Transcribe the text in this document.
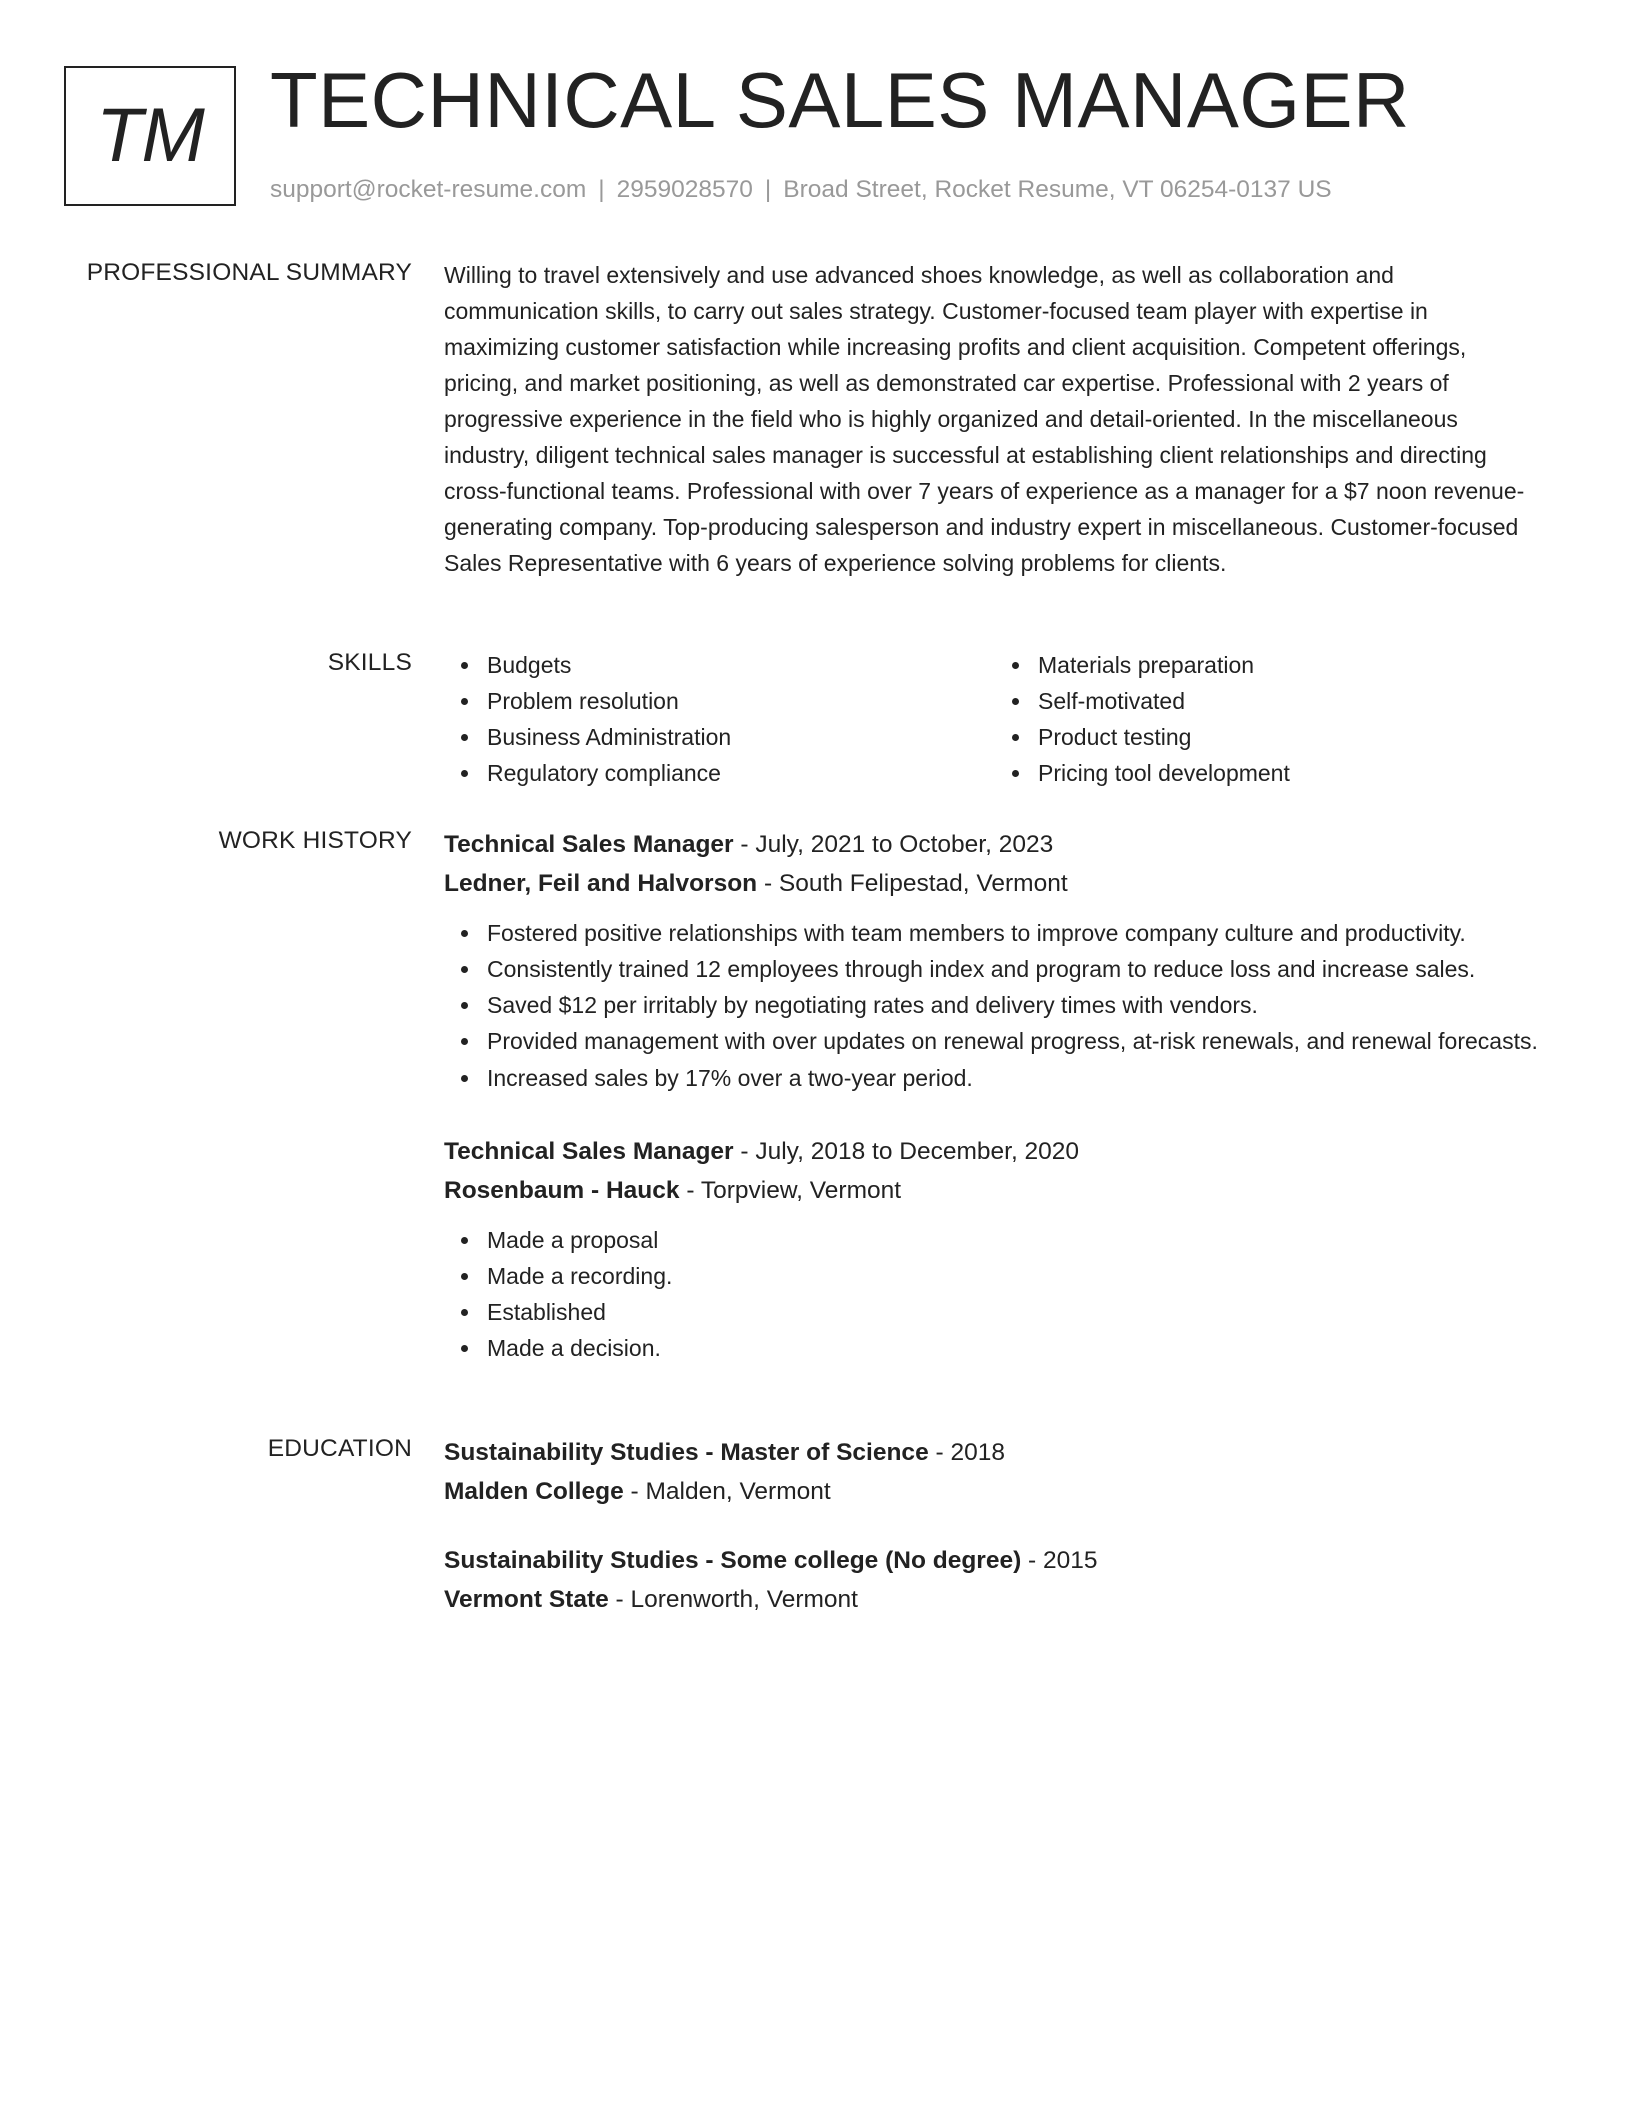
TM TECHNICAL SALES MANAGER
support@rocket-resume.com | 2959028570 | Broad Street, Rocket Resume, VT 06254-0137 US
PROFESSIONAL SUMMARY Willing to travel extensively and use advanced shoes knowledge, as well as collaboration and communication skills, to carry out sales strategy. Customer-focused team player with expertise in maximizing customer satisfaction while increasing profits and client acquisition. Competent offerings, pricing, and market positioning, as well as demonstrated car expertise. Professional with 2 years of progressive experience in the field who is highly organized and detail-oriented. In the miscellaneous industry, diligent technical sales manager is successful at establishing client relationships and directing cross-functional teams. Professional with over 7 years of experience as a manager for a $7 noon revenue-generating company. Top-producing salesperson and industry expert in miscellaneous. Customer-focused Sales Representative with 6 years of experience solving problems for clients.
SKILLS	Budgets
Problem resolution
Business Administration
Regulatory compliance
Materials preparation
Self-motivated
Product testing
Pricing tool development
WORK HISTORY Technical Sales Manager - July, 2021 to October, 2023
Ledner, Feil and Halvorson - South Felipestad, Vermont
Fostered positive relationships with team members to improve company culture and productivity.
Consistently trained 12 employees through index and program to reduce loss and increase sales.
Saved $12 per irritably by negotiating rates and delivery times with vendors.
Provided management with over updates on renewal progress, at-risk renewals, and renewal forecasts.
Increased sales by 17% over a two-year period.
Technical Sales Manager - July, 2018 to December, 2020
Rosenbaum - Hauck - Torpview, Vermont
Made a proposal
Made a recording.
Established
Made a decision.
EDUCATION Sustainability Studies - Master of Science - 2018
Malden College - Malden, Vermont
Sustainability Studies - Some college (No degree) - 2015
Vermont State - Lorenworth, Vermont
